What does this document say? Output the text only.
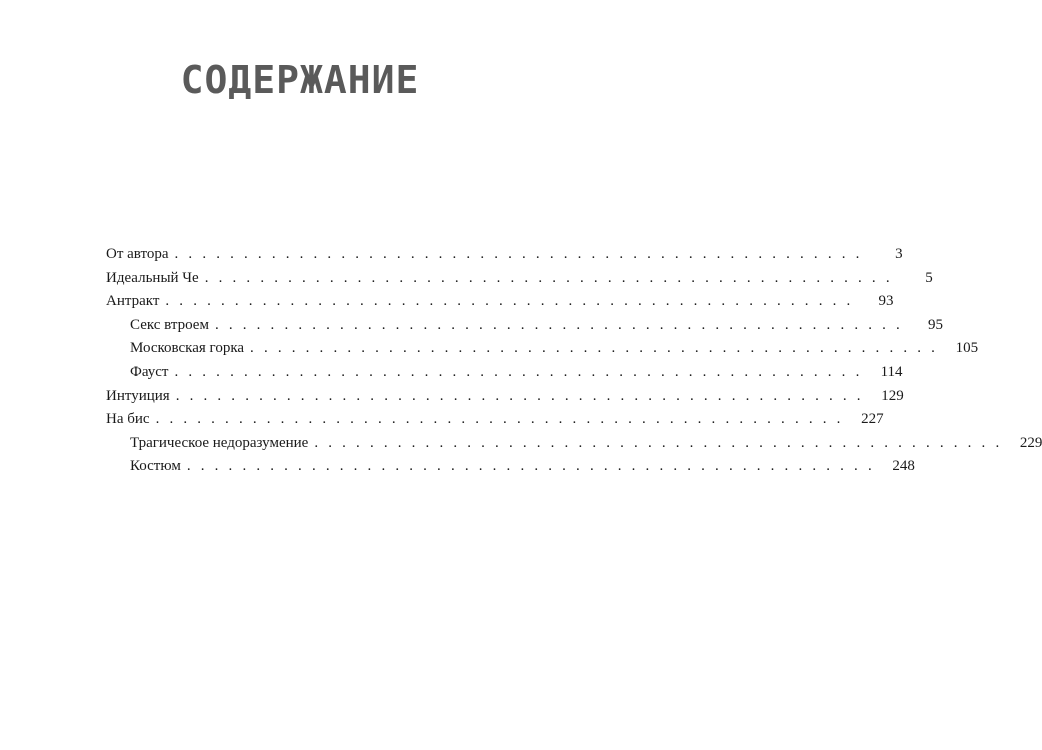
СОДЕРЖАНИЕ
От автора . . . . . . . . . . . . . . . . . . . . . . . . . . . . . . . . . . . . . . . . . . . . . . . . . .	3
Идеальный Че . . . . . . . . . . . . . . . . . . . . . . . . . . . . . . . . . . . . . . . . . . . . . . . . . .	5
Антракт . . . . . . . . . . . . . . . . . . . . . . . . . . . . . . . . . . . . . . . . . . . . . . . . . .	93
Секс втроем . . . . . . . . . . . . . . . . . . . . . . . . . . . . . . . . . . . . . . . . . . . . . . . . . .	95
Московская горка . . . . . . . . . . . . . . . . . . . . . . . . . . . . . . . . . . . . . . . . . . . . . . . . . .	105
Фауст . . . . . . . . . . . . . . . . . . . . . . . . . . . . . . . . . . . . . . . . . . . . . . . . . .	114
Интуиция . . . . . . . . . . . . . . . . . . . . . . . . . . . . . . . . . . . . . . . . . . . . . . . . . .	129
На бис . . . . . . . . . . . . . . . . . . . . . . . . . . . . . . . . . . . . . . . . . . . . . . . . . .	227
Трагическое недоразумение . . . . . . . . . . . . . . . . . . . . . . . . . . . . . . . . . . . . . . . . . . . . . . . . . .	229
Костюм . . . . . . . . . . . . . . . . . . . . . . . . . . . . . . . . . . . . . . . . . . . . . . . . . .	248
